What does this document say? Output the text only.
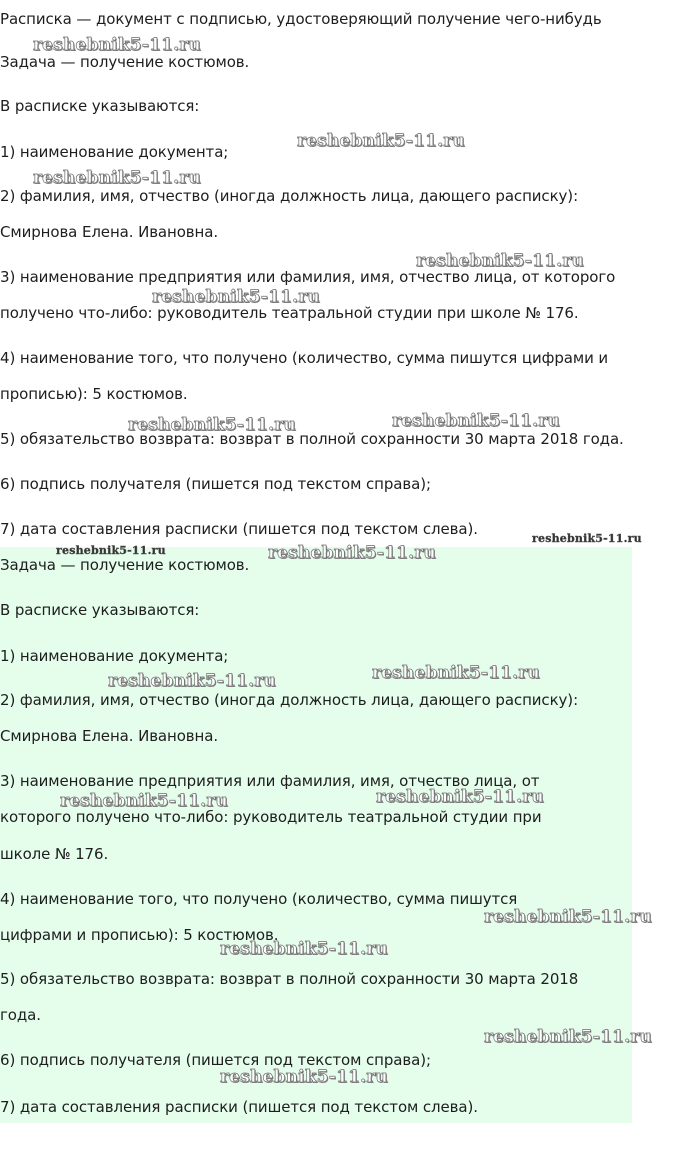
Расписка — документ с подписью, удостоверяющий получение чего-нибудь
Задача — получение костюмов.
В расписке указываются:
1) наименование документа;
2) фамилия, имя, отчество (иногда должность лица, дающего расписку):
Смирнова Елена. Ивановна.
3) наименование предприятия или фамилия, имя, отчество лица, от которого
получено что-либо: руководитель театральной студии при школе № 176.
4) наименование того, что получено (количество, сумма пишутся цифрами и
прописью): 5 костюмов.
5) обязательство возврата: возврат в полной сохранности 30 марта 2018 года.
6) подпись получателя (пишется под текстом справа);
7) дата составления расписки (пишется под текстом слева).
Задача — получение костюмов.
В расписке указываются:
1) наименование документа;
2) фамилия, имя, отчество (иногда должность лица, дающего расписку):
Смирнова Елена. Ивановна.
3) наименование предприятия или фамилия, имя, отчество лица, от
которого получено что-либо: руководитель театральной студии при
школе № 176.
4) наименование того, что получено (количество, сумма пишутся
цифрами и прописью): 5 костюмов.
5) обязательство возврата: возврат в полной сохранности 30 марта 2018
года.
6) подпись получателя (пишется под текстом справа);
7) дата составления расписки (пишется под текстом слева).
reshebnik5-11.ru
reshebnik5-11.ru
reshebnik5-11.ru
reshebnik5-11.ru
reshebnik5-11.ru
reshebnik5-11.ru	reshebnik5-11.ru
reshebnik5-11.ru
reshebnik5-11.ru	reshebnik5-11.ru
reshebnik5-11.ru
reshebnik5-11.ru
reshebnik5-11.ru	reshebnik5-11.ru
reshebnik5-11.ru
reshebnik5-11.ru
reshebnik5-11.ru
reshebnik5-11.ru
